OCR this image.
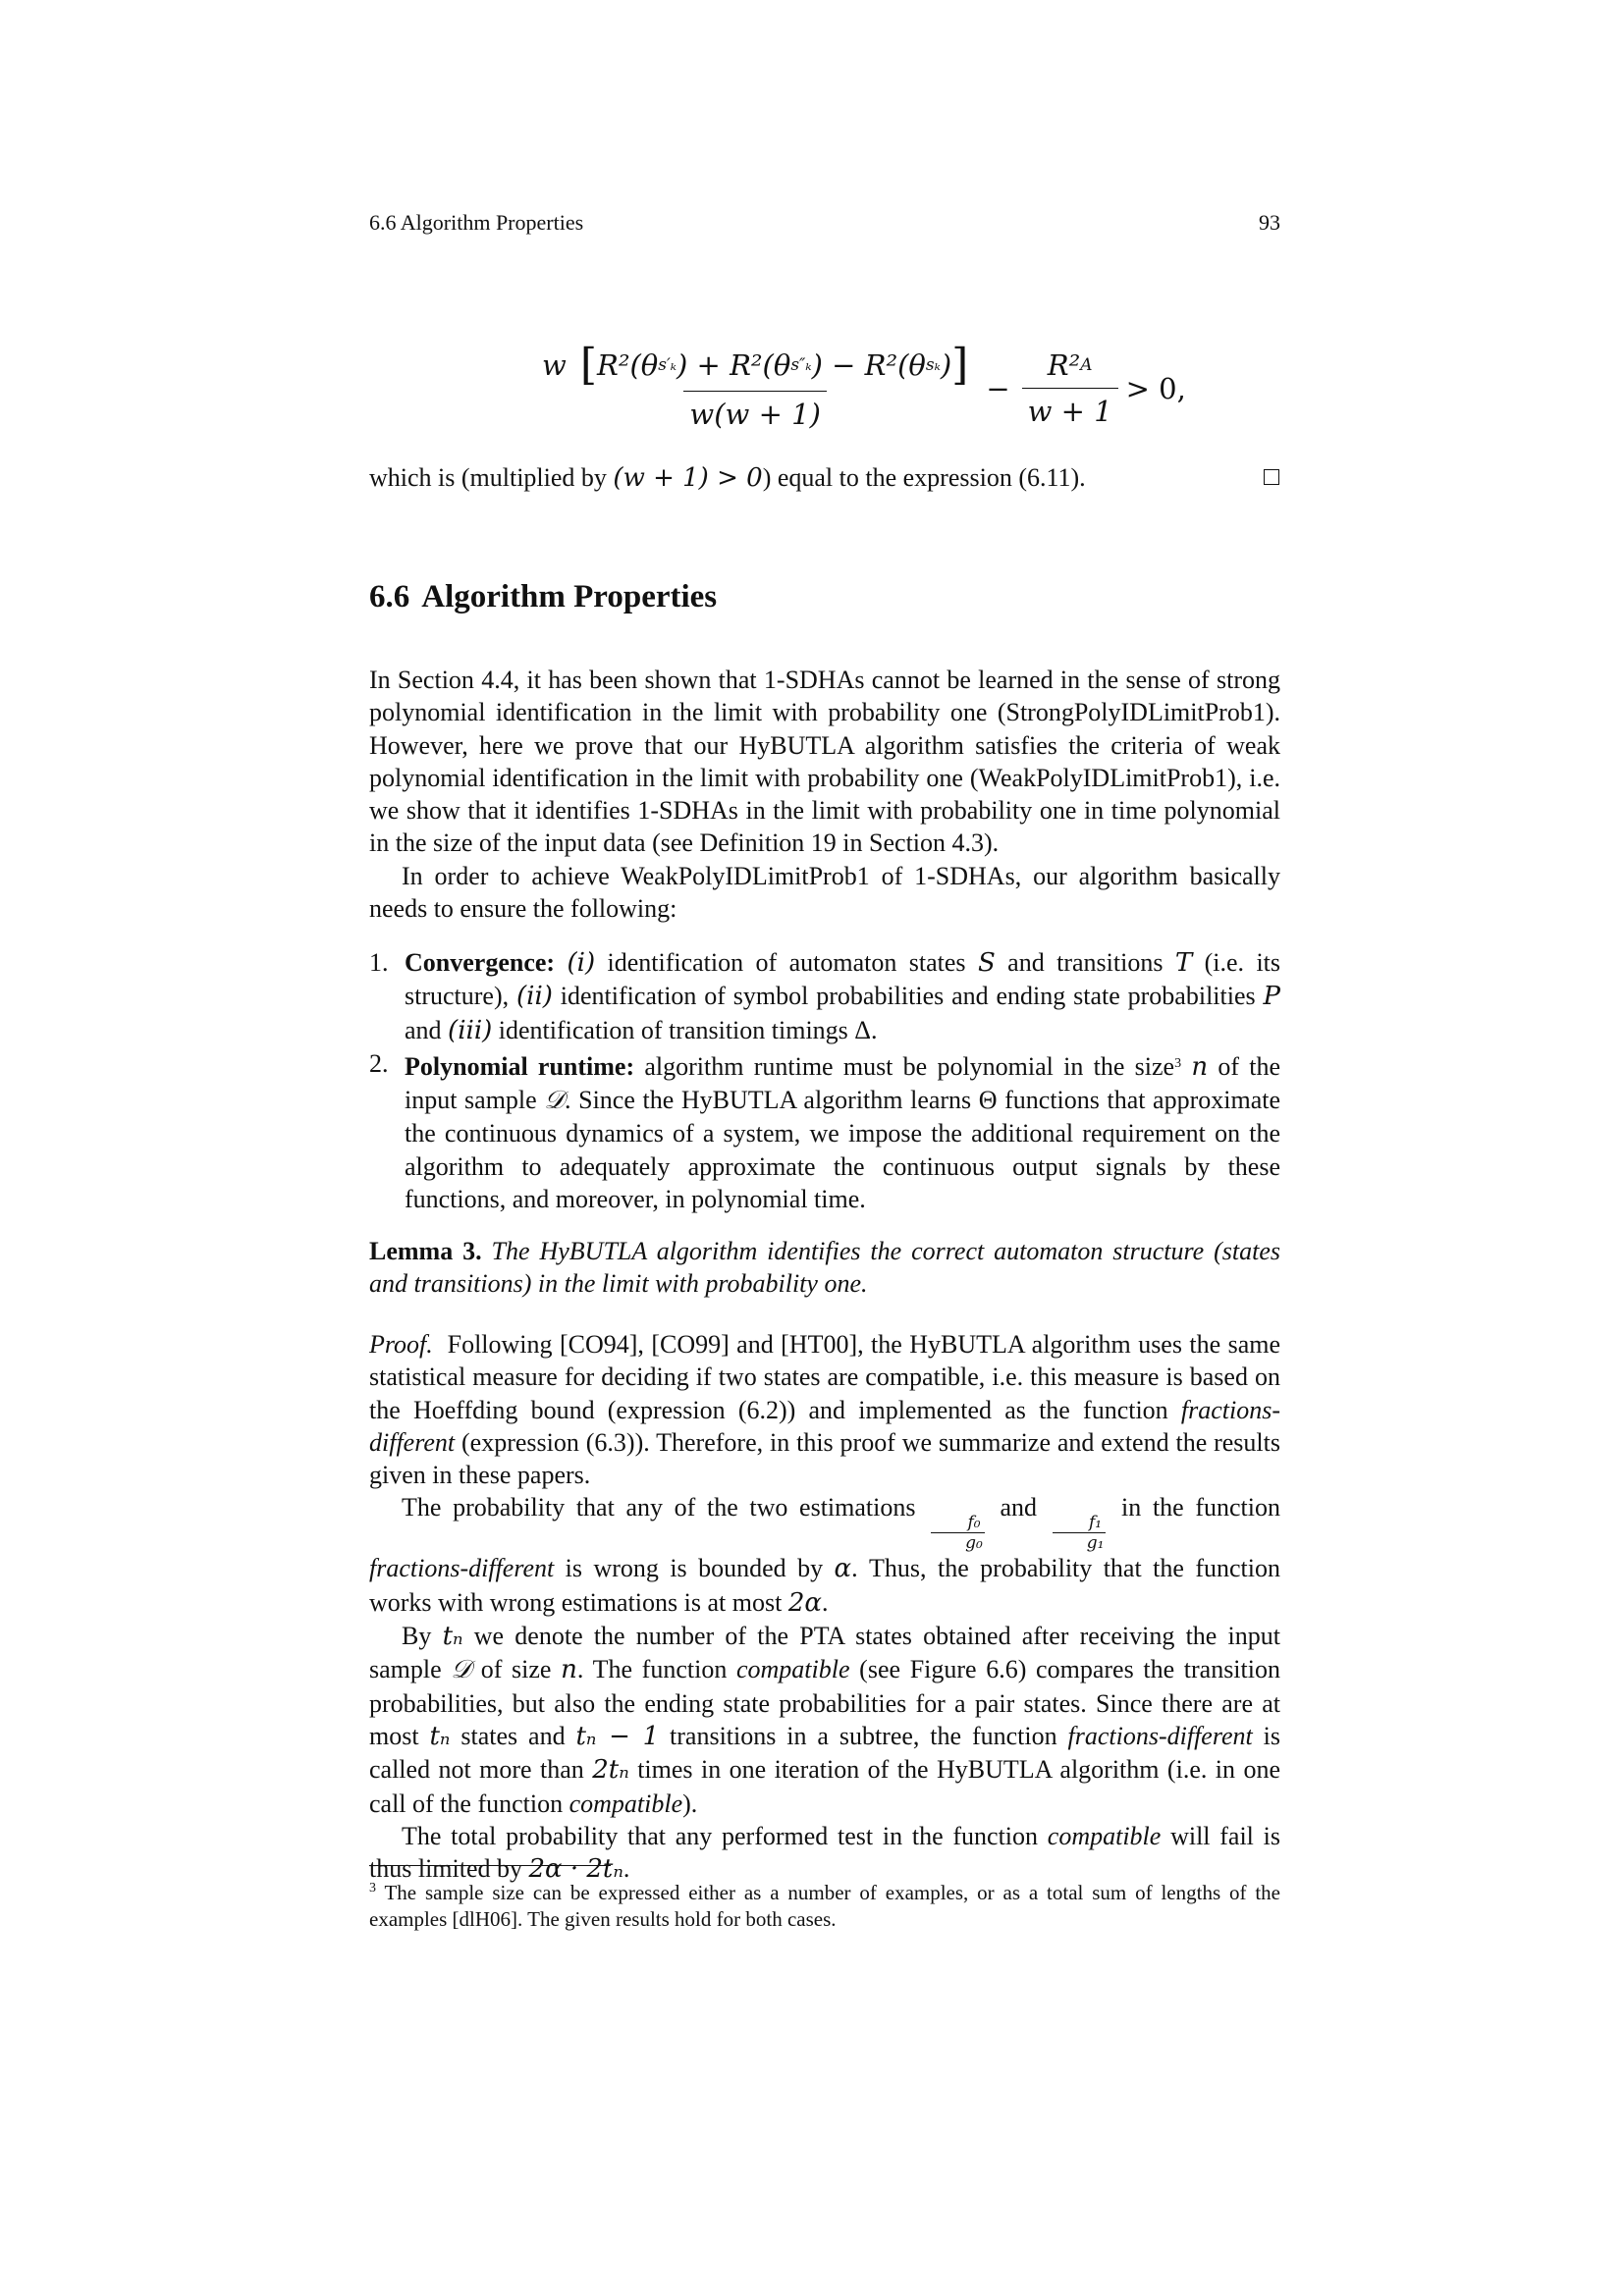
6.6 Algorithm Properties	93
w [ R²(θ s′ₖ ) + R²(θ s″ₖ ) − R²(θ sₖ ) ]
w(w + 1)
− $\frac{\text{R² A}}{w + 1} > 0$,
which is (multiplied by (w + 1) > 0) equal to the expression (6.11).
6.6 Algorithm Properties
In Section 4.4, it has been shown that 1-SDHAs cannot be learned in the sense of strong polynomial identification in the limit with probability one (StrongPolyIDLimitProb1). However, here we prove that our HyBUTLA algorithm satisfies the criteria of weak polynomial identification in the limit with probability one (WeakPolyIDLimitProb1), i.e. we show that it identifies 1-SDHAs in the limit with probability one in time polynomial in the size of the input data (see Definition 19 in Section 4.3).
In order to achieve WeakPolyIDLimitProb1 of 1-SDHAs, our algorithm basically needs to ensure the following:
1. Convergence: (i) identification of automaton states S and transitions T (i.e. its structure), (ii) identification of symbol probabilities and ending state probabilities P and (iii) identification of transition timings Δ.
2. Polynomial runtime: algorithm runtime must be polynomial in the size$^3$ n of the input sample 𝒟. Since the HyBUTLA algorithm learns Θ functions that approximate the continuous dynamics of a system, we impose the additional requirement on the algorithm to adequately approximate the continuous output signals by these functions, and moreover, in polynomial time.
Lemma 3. The HyBUTLA algorithm identifies the correct automaton structure (states and transitions) in the limit with probability one.
Proof. Following [CO94], [CO99] and [HT00], the HyBUTLA algorithm uses the same statistical measure for deciding if two states are compatible, i.e. this measure is based on the Hoeffding bound (expression (6.2)) and implemented as the function fractions-different (expression (6.3)). Therefore, in this proof we summarize and extend the results given in these papers.
The probability that any of the two estimations
$\frac{\text{f₀}}{\text{g₀}}$
and
$\frac{\text{f₁}}{\text{g₁}}$
in the function fractions-different is wrong is bounded by α. Thus, the probability that the function works with wrong estimations is at most 2α.
By tₙ we denote the number of the PTA states obtained after receiving the input sample 𝒟 of size n. The function compatible (see Figure 6.6) compares the transition probabilities, but also the ending state probabilities for a pair states. Since there are at most tₙ states and tₙ − 1 transitions in a subtree, the function fractions-different is called not more than 2tₙ times in one iteration of the HyBUTLA algorithm (i.e. in one call of the function compatible).
The total probability that any performed test in the function compatible will fail is thus limited by 2α · 2tₙ.
$^3$ The sample size can be expressed either as a number of examples, or as a total sum of lengths of the examples [dlH06]. The given results hold for both cases.
